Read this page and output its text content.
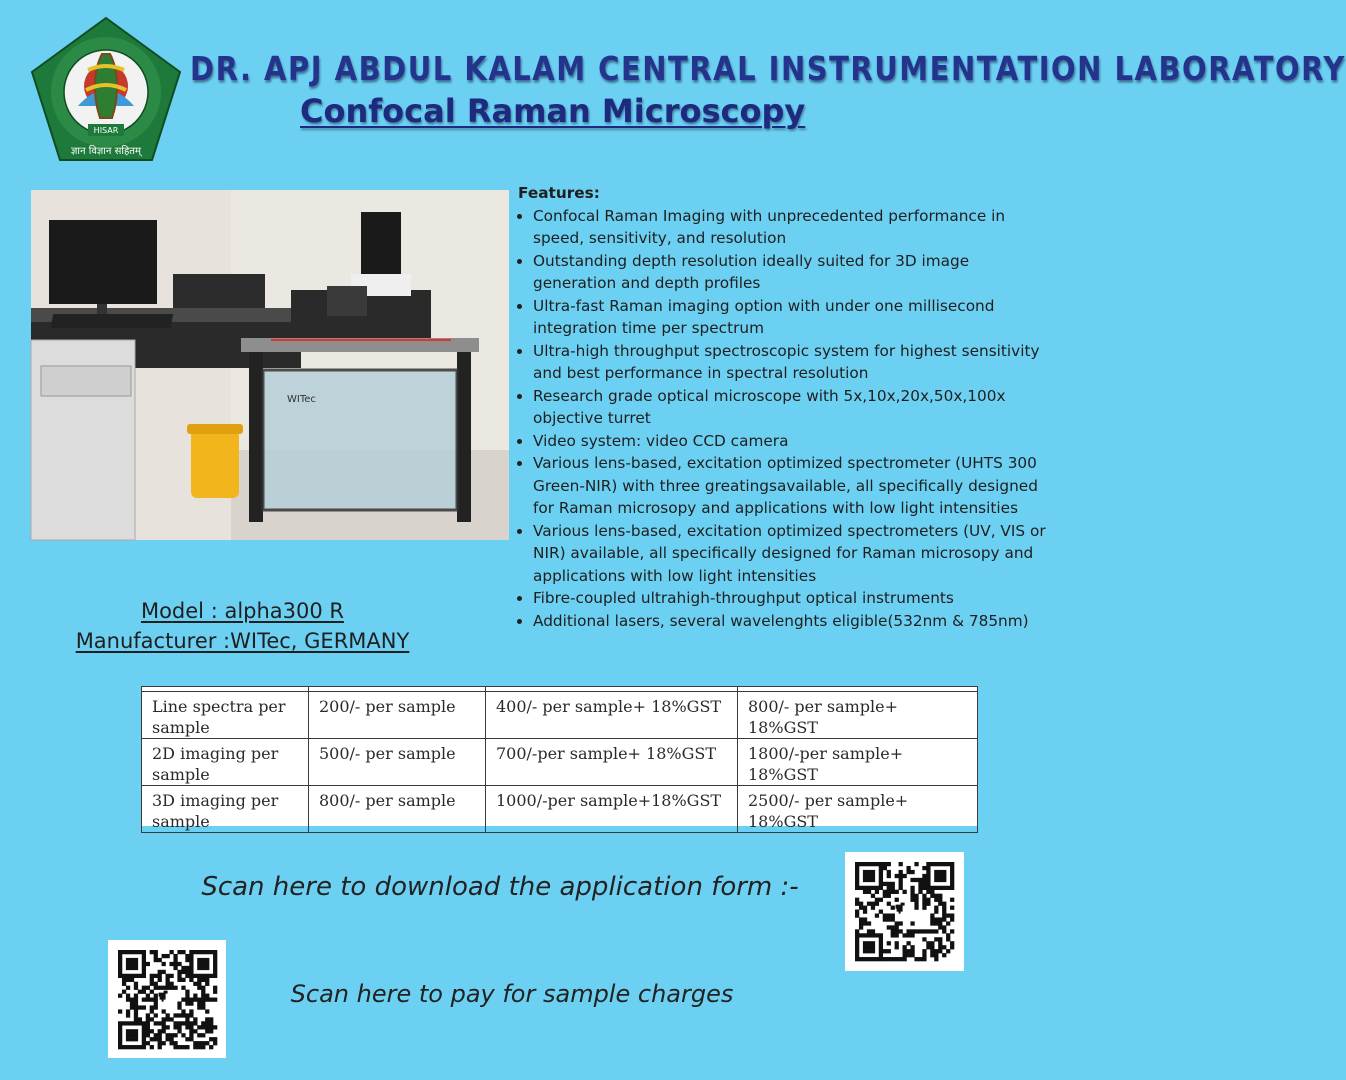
HISAR
ज्ञान विज्ञान सहितम्
DR. APJ ABDUL KALAM CENTRAL INSTRUMENTATION LABORATORY
Confocal Raman Microscopy
WITec
Model : alpha300 R
Manufacturer :WITec, GERMANY
Features:
• Confocal Raman Imaging with unprecedented performance in speed, sensitivity, and resolution
• Outstanding depth resolution ideally suited for 3D image generation and depth profiles
• Ultra-fast Raman imaging option with under one millisecond integration time per spectrum
• Ultra-high throughput spectroscopic system for highest sensitivity and best performance in spectral resolution
• Research grade optical microscope with 5x,10x,20x,50x,100x objective turret
• Video system: video CCD camera
• Various lens-based, excitation optimized spectrometer (UHTS 300 Green-NIR) with three greatingsavailable, all specifically designed for Raman microsopy and applications with low light intensities
• Various lens-based, excitation optimized spectrometers (UV, VIS or NIR) available, all specifically designed for Raman microsopy and applications with low light intensities
• Fibre-coupled ultrahigh-throughput optical instruments
• Additional lasers, several wavelenghts eligible(532nm & 785nm)

Line spectra per sample	200/- per sample	400/- per sample+ 18%GST	800/- per sample+ 18%GST
2D imaging per sample	500/- per sample	700/-per sample+ 18%GST	1800/-per sample+ 18%GST
3D imaging per sample	800/- per sample	1000/-per sample+18%GST	2500/- per sample+ 18%GST
Scan here to download the application form :-
Scan here to pay for sample charges
